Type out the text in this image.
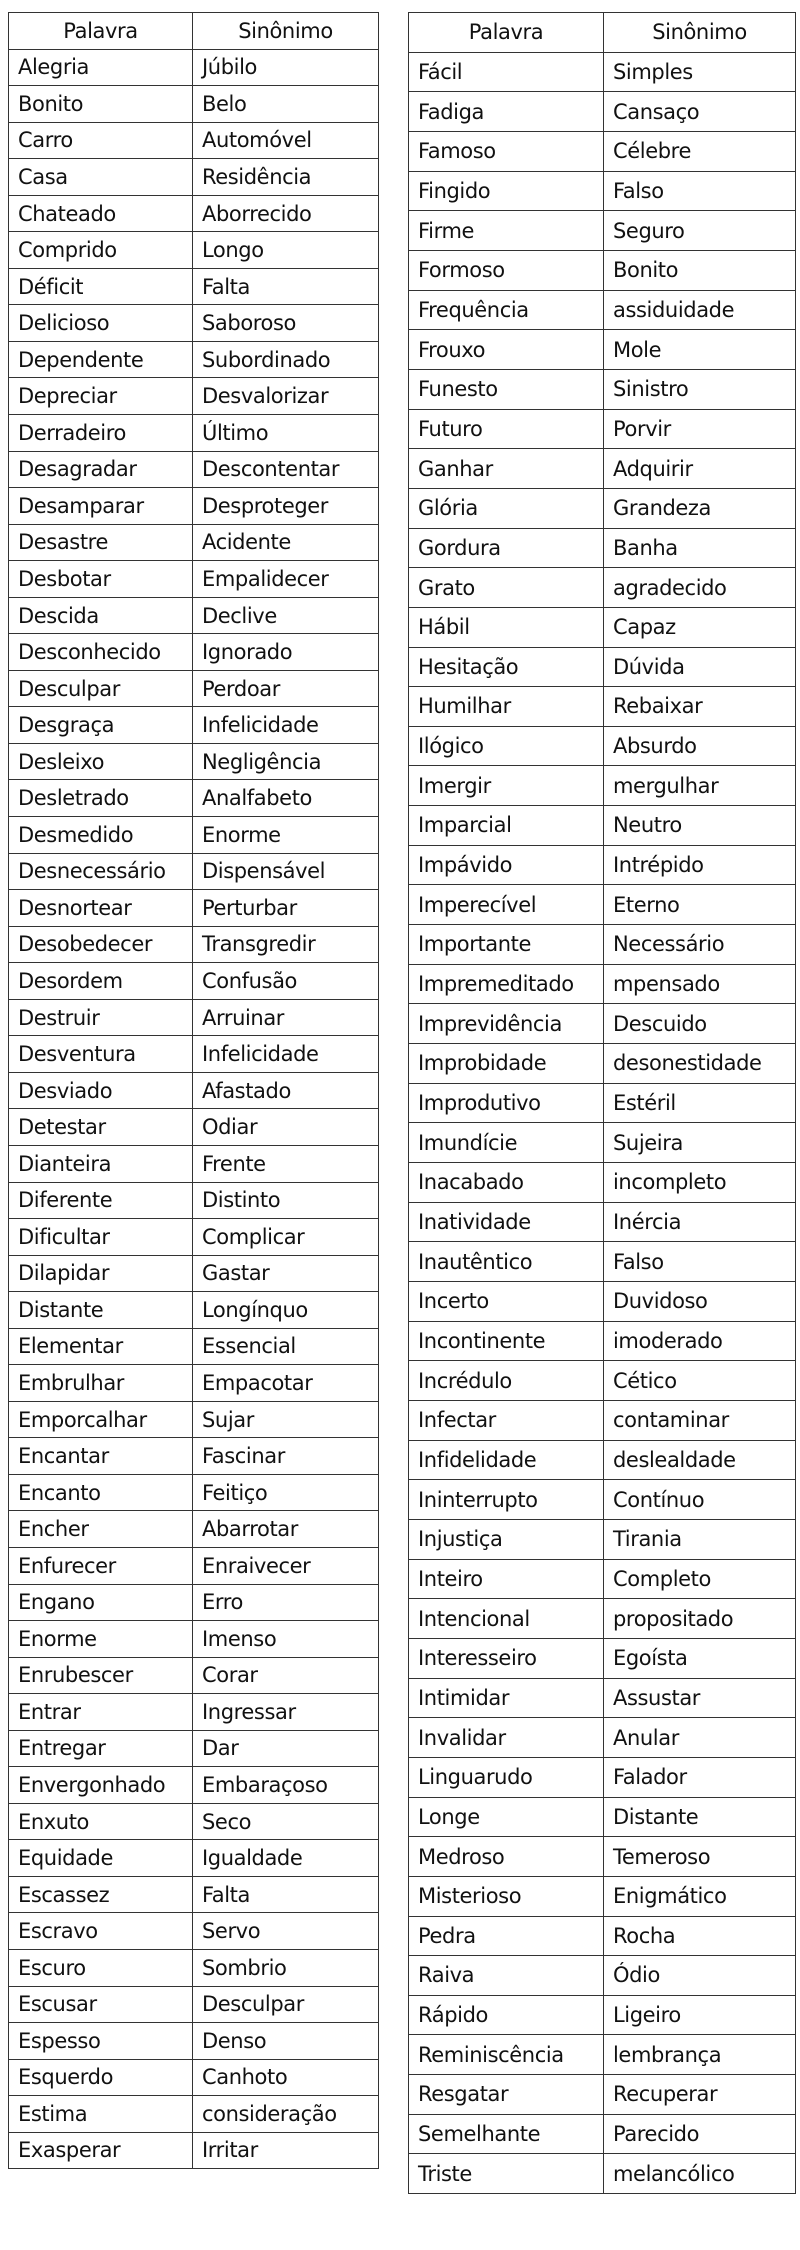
Palavra	Sinônimo
Alegria	Júbilo
Bonito	Belo
Carro	Automóvel
Casa	Residência
Chateado	Aborrecido
Comprido	Longo
Déficit	Falta
Delicioso	Saboroso
Dependente	Subordinado
Depreciar	Desvalorizar
Derradeiro	Último
Desagradar	Descontentar
Desamparar	Desproteger
Desastre	Acidente
Desbotar	Empalidecer
Descida	Declive
Desconhecido	Ignorado
Desculpar	Perdoar
Desgraça	Infelicidade
Desleixo	Negligência
Desletrado	Analfabeto
Desmedido	Enorme
Desnecessário	Dispensável
Desnortear	Perturbar
Desobedecer	Transgredir
Desordem	Confusão
Destruir	Arruinar
Desventura	Infelicidade
Desviado	Afastado
Detestar	Odiar
Dianteira	Frente
Diferente	Distinto
Dificultar	Complicar
Dilapidar	Gastar
Distante	Longínquo
Elementar	Essencial
Embrulhar	Empacotar
Emporcalhar	Sujar
Encantar	Fascinar
Encanto	Feitiço
Encher	Abarrotar
Enfurecer	Enraivecer
Engano	Erro
Enorme	Imenso
Enrubescer	Corar
Entrar	Ingressar
Entregar	Dar
Envergonhado	Embaraçoso
Enxuto	Seco
Equidade	Igualdade
Escassez	Falta
Escravo	Servo
Escuro	Sombrio
Escusar	Desculpar
Espesso	Denso
Esquerdo	Canhoto
Estima	consideração
Exasperar	Irritar
Palavra	Sinônimo
Fácil	Simples
Fadiga	Cansaço
Famoso	Célebre
Fingido	Falso
Firme	Seguro
Formoso	Bonito
Frequência	assiduidade
Frouxo	Mole
Funesto	Sinistro
Futuro	Porvir
Ganhar	Adquirir
Glória	Grandeza
Gordura	Banha
Grato	agradecido
Hábil	Capaz
Hesitação	Dúvida
Humilhar	Rebaixar
Ilógico	Absurdo
Imergir	mergulhar
Imparcial	Neutro
Impávido	Intrépido
Imperecível	Eterno
Importante	Necessário
Impremeditado	mpensado
Imprevidência	Descuido
Improbidade	desonestidade
Improdutivo	Estéril
Imundície	Sujeira
Inacabado	incompleto
Inatividade	Inércia
Inautêntico	Falso
Incerto	Duvidoso
Incontinente	imoderado
Incrédulo	Cético
Infectar	contaminar
Infidelidade	deslealdade
Ininterrupto	Contínuo
Injustiça	Tirania
Inteiro	Completo
Intencional	propositado
Interesseiro	Egoísta
Intimidar	Assustar
Invalidar	Anular
Linguarudo	Falador
Longe	Distante
Medroso	Temeroso
Misterioso	Enigmático
Pedra	Rocha
Raiva	Ódio
Rápido	Ligeiro
Reminiscência	lembrança
Resgatar	Recuperar
Semelhante	Parecido
Triste	melancólico
